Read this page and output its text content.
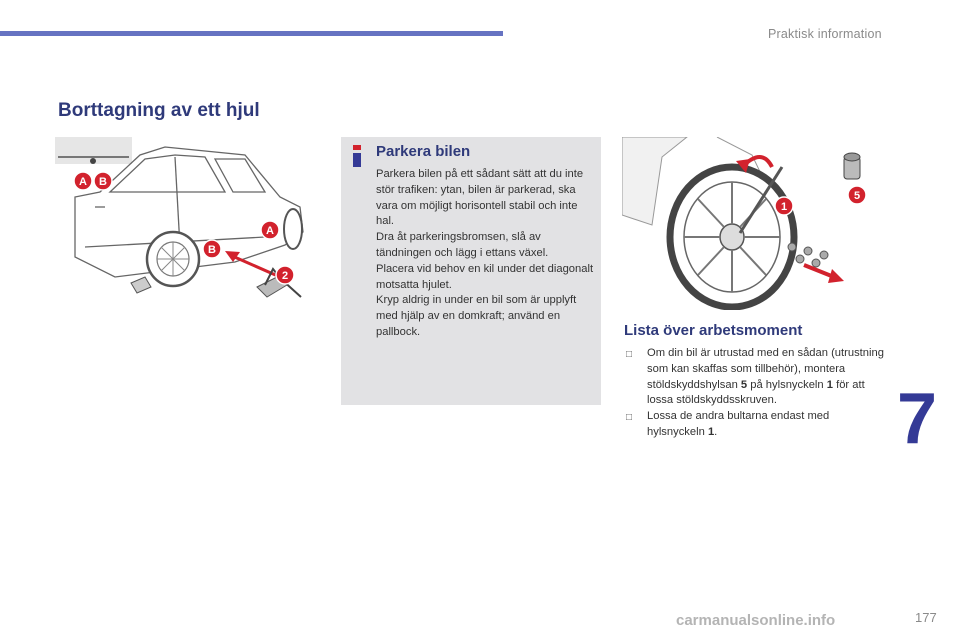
Praktisk information
Borttagning av ett hjul
A B
A
B
2
Parkera bilen

Parkera bilen på ett sådant sätt att du inte stör trafiken: ytan, bilen är parkerad, ska vara om möjligt horisontell stabil och inte hal.

Dra åt parkeringsbromsen, slå av tändningen och lägg i ettans växel.

Placera vid behov en kil under det diagonalt motsatta hjulet.

Kryp aldrig in under en bil som är upplyft med hjälp av en domkraft; använd en pallbock.

1
5
Lista över arbetsmoment
□ Om din bil är utrustad med en sådan (utrustning som kan skaffas som tillbehör), montera stöldskyddshylsan 5 på hylsnyckeln 1 för att lossa stöldskyddsskruven.
□ Lossa de andra bultarna endast med hylsnyckeln 1.	7
177
carmanualsonline.info
